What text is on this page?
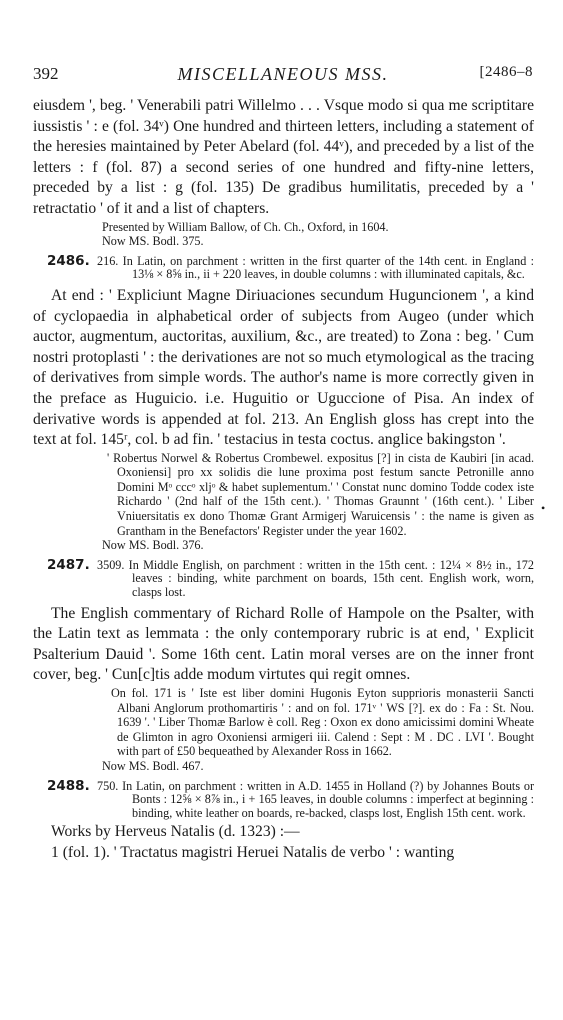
392	MISCELLANEOUS MSS.	[2486–8

eiusdem ', beg. ' Venerabili patri Willelmo . . . Vsque modo si qua me scriptitare iussistis ' : e (fol. 34ᵛ) One hundred and thirteen letters, including a statement of the heresies maintained by Peter Abelard (fol. 44ᵛ), and preceded by a list of the letters : f (fol. 87) a second series of one hundred and fifty-nine letters, preceded by a list : g (fol. 135) De gradibus humilitatis, preceded by a ' retractatio ' of it and a list of chapters.

Presented by William Ballow, of Ch. Ch., Oxford, in 1604.

Now MS. Bodl. 375.

2486. 216. In Latin, on parchment : written in the first quarter of the 14th cent. in England : 13⅛ × 8⅝ in., ii + 220 leaves, in double columns : with illuminated capitals, &c.

At end : ' Expliciunt Magne Diriuaciones secundum Huguncionem ', a kind of cyclopaedia in alphabetical order of subjects from Augeo (under which auctor, augmentum, auctoritas, auxilium, &c., are treated) to Zona : beg. ' Cum nostri protoplasti ' : the derivationes are not so much etymological as the tracing of derivatives from simple words. The author's name is more correctly given in the preface as Huguicio. i.e. Huguitio or Uguccione of Pisa. An index of derivative words is appended at fol. 213. An English gloss has crept into the text at fol. 145ʳ, col. b ad fin. ' testacius in testa coctus. anglice bakingston '.

' Robertus Norwel & Robertus Crombewel. expositus [?] in cista de Kaubiri [in acad. Oxoniensi] pro xx solidis die lune proxima post festum sancte Petronille anno Domini Mᵒ cccᵒ xljᵒ & habet suplementum.' ' Constat nunc domino Todde codex iste Richardo ' (2nd half of the 15th cent.). ' Thomas Graunnt ' (16th cent.). ' Liber Vniuersitatis ex dono Thomæ Grant Armigerj Waruicensis ' : the name is given as Grantham in the Benefactors' Register under the year 1602.

Now MS. Bodl. 376.

2487. 3509. In Middle English, on parchment : written in the 15th cent. : 12¼ × 8½ in., 172 leaves : binding, white parchment on boards, 15th cent. English work, worn, clasps lost.

The English commentary of Richard Rolle of Hampole on the Psalter, with the Latin text as lemmata : the only contemporary rubric is at end, ' Explicit Psalterium Dauid '. Some 16th cent. Latin moral verses are on the inner front cover, beg. ' Cun[c]tis adde modum virtutes qui regit omnes.

On fol. 171 is ' Iste est liber domini Hugonis Eyton supprioris monasterii Sancti Albani Anglorum prothomartiris ' : and on fol. 171ᵛ ' WS [?]. ex do : Fa : St. Nou. 1639 '. ' Liber Thomæ Barlow è coll. Reg : Oxon ex dono amicissimi domini Wheate de Glimton in agro Oxoniensi armigeri iii. Calend : Sept : M . DC . LVI '. Bought with part of £50 bequeathed by Alexander Ross in 1662.

Now MS. Bodl. 467.

2488. 750. In Latin, on parchment : written in A.D. 1455 in Holland (?) by Johannes Bouts or Bonts : 12⅝ × 8⅞ in., i + 165 leaves, in double columns : imperfect at beginning : binding, white leather on boards, re-backed, clasps lost, English 15th cent. work.

Works by Herveus Natalis (d. 1323) :—

1 (fol. 1). ' Tractatus magistri Heruei Natalis de verbo ' : wanting

•
